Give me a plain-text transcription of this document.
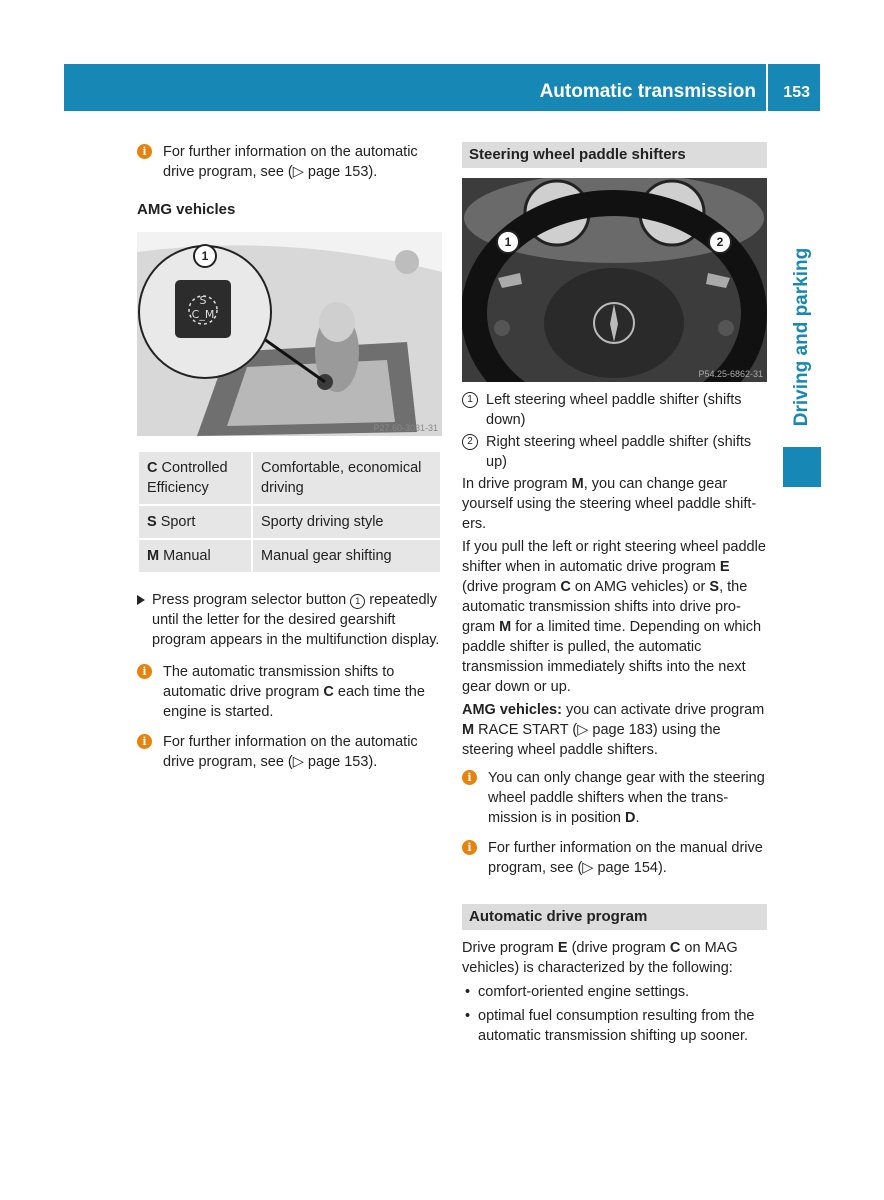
Automatic transmission 153
Driving and parking
i	For further information on the automatic drive program, see (▷ page 153).
AMG vehicles
S
C_M
1
P27.60-3031-31
C Controlled Efficiency	Comfortable, economical driving
S Sport	Sporty driving style
M Manual	Manual gear shifting
Press program selector button 1 repeatedly until the letter for the desired gearshift program appears in the multifunction display.
i	The automatic transmission shifts to automatic drive program C each time the engine is started.
i	For further information on the automatic drive program, see (▷ page 153).
Steering wheel paddle shifters
1	2
P54.25-6862-31
1 Left steering wheel paddle shifter (shifts down)
2 Right steering wheel paddle shifter (shifts up)

In drive program M, you can change gear yourself using the steering wheel paddle shifters.

If you pull the left or right steering wheel paddle shifter when in automatic drive program E (drive program C on AMG vehicles) or S, the automatic transmission shifts into drive program M for a limited time. Depending on which paddle shifter is pulled, the automatic transmission immediately shifts into the next gear down or up.

AMG vehicles: you can activate drive program M RACE START (▷ page 183) using the steering wheel paddle shifters.

i	You can only change gear with the steering wheel paddle shifters when the transmission is in position D.
i	For further information on the manual drive program, see (▷ page 154).
Automatic drive program

Drive program E (drive program C on MAG vehicles) is characterized by the following:

• comfort-oriented engine settings.
• optimal fuel consumption resulting from the automatic transmission shifting up sooner.
